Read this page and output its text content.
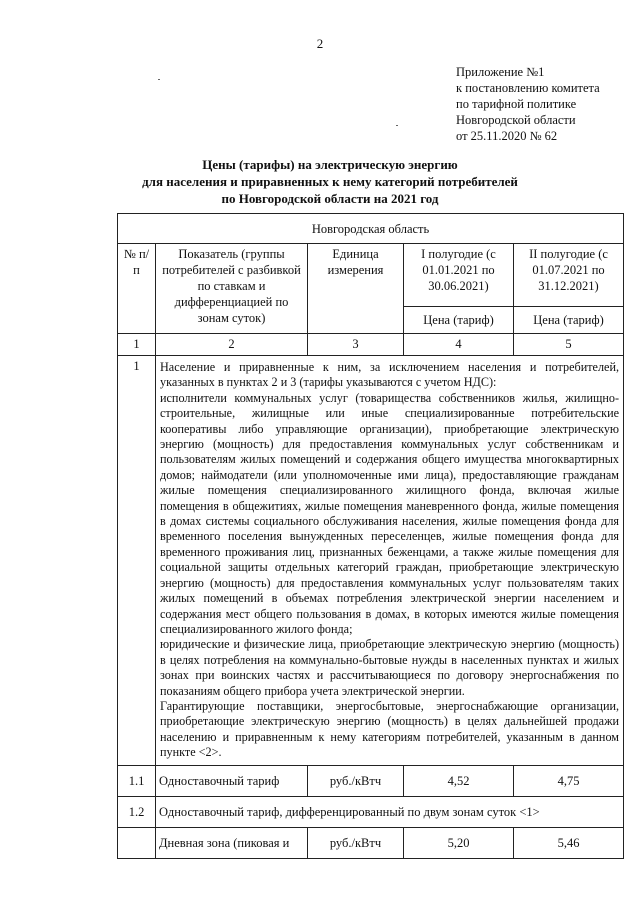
2
Приложение №1
к постановлению комитета
по тарифной политике
Новгородской области
от 25.11.2020 № 62
Цены (тарифы) на электрическую энергию
для населения и приравненных к нему категорий потребителей
по Новгородской области на 2021 год
Новгородская область				
№ п/п	Показатель (группы потребителей с разбивкой по ставкам и дифференциацией по зонам суток)	Единица измерения	I полугодие (с 01.01.2021 по 30.06.2021)	II полугодие (с 01.07.2021 по 31.12.2021)
			Цена (тариф)	Цена (тариф)
1	2	3	4	5
1	Население и приравненные к ним, за исключением населения и потребителей, указанных в пунктах 2 и 3 (тарифы указываются с учетом НДС):

исполнители коммунальных услуг (товарищества собственников жилья, жилищно-строительные, жилищные или иные специализированные потребительские кооперативы либо управляющие организации), приобретающие электрическую энергию (мощность) для предоставления коммунальных услуг собственникам и пользователям жилых помещений и содержания общего имущества многоквартирных домов; наймодатели (или уполномоченные ими лица), предоставляющие гражданам жилые помещения специализированного жилищного фонда, включая жилые помещения в общежитиях, жилые помещения маневренного фонда, жилые помещения в домах системы социального обслуживания населения, жилые помещения фонда для временного поселения вынужденных переселенцев, жилые помещения фонда для временного проживания лиц, признанных беженцами, а также жилые помещения для социальной защиты отдельных категорий граждан, приобретающие электрическую энергию (мощность) для предоставления коммунальных услуг пользователям таких жилых помещений в объемах потребления электрической энергии населением и содержания мест общего пользования в домах, в которых имеются жилые помещения специализированного жилого фонда;

юридические и физические лица, приобретающие электрическую энергию (мощность) в целях потребления на коммунально-бытовые нужды в населенных пунктах и жилых зонах при воинских частях и рассчитывающиеся по договору энергоснабжения по показаниям общего прибора учета электрической энергии.

Гарантирующие поставщики, энергосбытовые, энергоснабжающие организации, приобретающие электрическую энергию (мощность) в целях дальнейшей продажи населению и приравненным к нему категориям потребителей, указанным в данном пункте <2>.			

1.1	Одноставочный тариф	руб./кВтч	4,52	4,75
1.2	Одноставочный тариф, дифференцированный по двум зонам суток <1>			
	Дневная зона (пиковая и	руб./кВтч	5,20	5,46
